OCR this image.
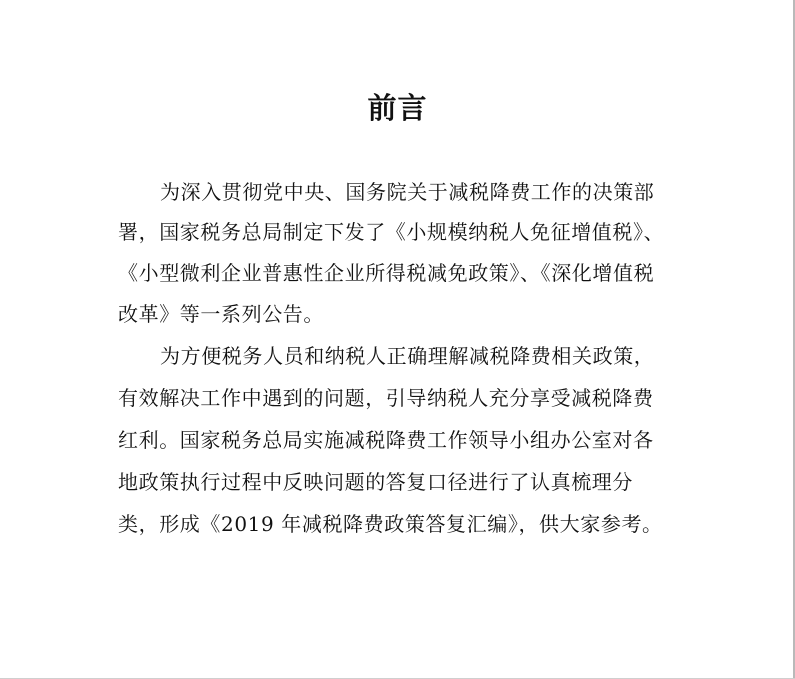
前言
为深入贯彻党中央、国务院关于减税降费工作的决策部
署，国家税务总局制定下发了《小规模纳税人免征增值税》、
《小型微利企业普惠性企业所得税减免政策》、《深化增值税
改革》等一系列公告。
为方便税务人员和纳税人正确理解减税降费相关政策，
有效解决工作中遇到的问题，引导纳税人充分享受减税降费
红利。国家税务总局实施减税降费工作领导小组办公室对各
地政策执行过程中反映问题的答复口径进行了认真梳理分
类，形成《2019 年减税降费政策答复汇编》，供大家参考。
